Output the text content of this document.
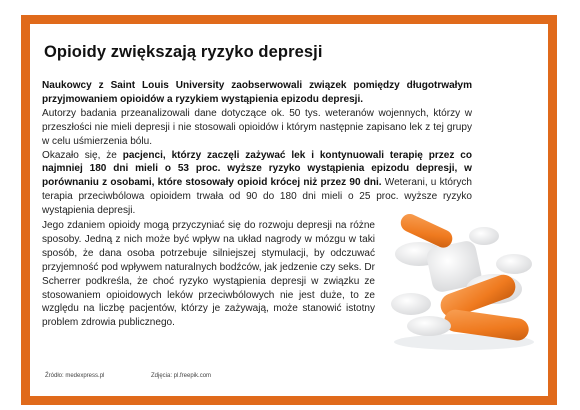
Opioidy zwiększają ryzyko depresji

Naukowcy z Saint Louis University zaobserwowali związek pomiędzy długotrwałym przyjmowaniem opioidów a ryzykiem wystąpienia epizodu depresji.

Autorzy badania przeanalizowali dane dotyczące ok. 50 tys. weteranów wojennych, którzy w przeszłości nie mieli depresji i nie stosowali opioidów i którym następnie zapisano lek z tej grupy w celu uśmierzenia bólu.

Okazało się, że pacjenci, którzy zaczęli zażywać lek i kontynuowali terapię przez co najmniej 180 dni mieli o 53 proc. wyższe ryzyko wystąpienia epizodu depresji, w porównaniu z osobami, które stosowały opioid krócej niż przez 90 dni. Weterani, u których terapia przeciwbólowa opioidem trwała od 90 do 180 dni mieli o 25 proc. wyższe ryzyko wystąpienia depresji.

Jego zdaniem opioidy mogą przyczyniać się do rozwoju depresji na różne sposoby. Jedną z nich może być wpływ na układ nagrody w mózgu w taki sposób, że dana osoba potrzebuje silniejszej stymulacji, by odczuwać przyjemność pod wpływem naturalnych bodźców, jak jedzenie czy seks. Dr Scherrer podkreśla, że choć ryzyko wystąpienia depresji w związku ze stosowaniem opioidowych leków przeciwbólowych nie jest duże, to ze względu na liczbę pacjentów, którzy je zażywają, może stanowić istotny problem zdrowia publicznego.

Źródło: medexpress.pl	Zdjęcia: pl.freepik.com
